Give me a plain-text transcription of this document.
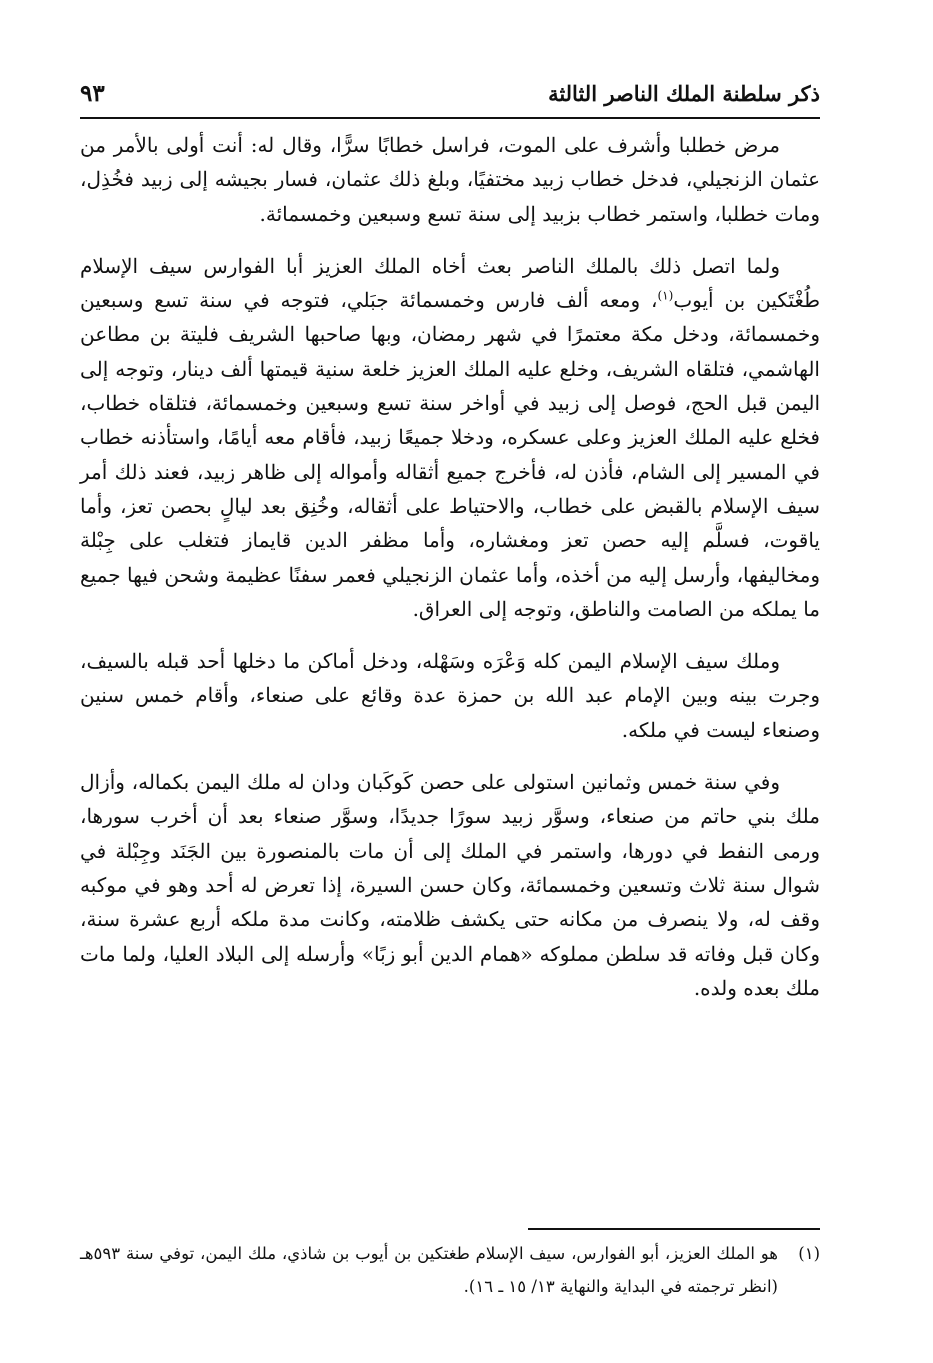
ذكر سلطنة الملك الناصر الثالثة
٩٣

مرض خطلبا وأشرف على الموت، فراسل خطابًا سرًّا، وقال له: أنت أولى بالأمر من عثمان الزنجيلي، فدخل خطاب زبيد مختفيًا، وبلغ ذلك عثمان، فسار بجيشه إلى زبيد فخُذِل، ومات خطلبا، واستمر خطاب بزبيد إلى سنة تسع وسبعين وخمسمائة.

ولما اتصل ذلك بالملك الناصر بعث أخاه الملك العزيز أبا الفوارس سيف الإسلام طُغْتَكين بن أيوب$^{(١)}$، ومعه ألف فارس وخمسمائة جبَلي، فتوجه في سنة تسع وسبعين وخمسمائة، ودخل مكة معتمرًا في شهر رمضان، وبها صاحبها الشريف فليتة بن مطاعن الهاشمي، فتلقاه الشريف، وخلع عليه الملك العزيز خلعة سنية قيمتها ألف دينار، وتوجه إلى اليمن قبل الحج، فوصل إلى زبيد في أواخر سنة تسع وسبعين وخمسمائة، فتلقاه خطاب، فخلع عليه الملك العزيز وعلى عسكره، ودخلا جميعًا زبيد، فأقام معه أيامًا، واستأذنه خطاب في المسير إلى الشام، فأذن له، فأخرج جميع أثقاله وأمواله إلى ظاهر زبيد، فعند ذلك أمر سيف الإسلام بالقبض على خطاب، والاحتياط على أثقاله، وخُنِق بعد ليالٍ بحصن تعز، وأما ياقوت، فسلَّم إليه حصن تعز ومغشاره، وأما مظفر الدين قايماز فتغلب على جِبْلة ومخاليفها، وأرسل إليه من أخذه، وأما عثمان الزنجيلي فعمر سفنًا عظيمة وشحن فيها جميع ما يملكه من الصامت والناطق، وتوجه إلى العراق.

وملك سيف الإسلام اليمن كله وَعْرَه وسَهْله، ودخل أماكن ما دخلها أحد قبله بالسيف، وجرت بينه وبين الإمام عبد الله بن حمزة عدة وقائع على صنعاء، وأقام خمس سنين وصنعاء ليست في ملكه.

وفي سنة خمس وثمانين استولى على حصن كَوكَبان ودان له ملك اليمن بكماله، وأزال ملك بني حاتم من صنعاء، وسوَّر زبيد سورًا جديدًا، وسوَّر صنعاء بعد أن أخرب سورها، ورمى النفط في دورها، واستمر في الملك إلى أن مات بالمنصورة بين الجَنَد وجِبْلة في شوال سنة ثلاث وتسعين وخمسمائة، وكان حسن السيرة، إذا تعرض له أحد وهو في موكبه وقف له، ولا ينصرف من مكانه حتى يكشف ظلامته، وكانت مدة ملكه أربع عشرة سنة، وكان قبل وفاته قد سلطن مملوكه «همام الدين أبو زبًا» وأرسله إلى البلاد العليا، ولما مات ملك بعده ولده.

(١)
هو الملك العزيز، أبو الفوارس، سيف الإسلام طغتكين بن أيوب بن شاذي، ملك اليمن، توفي سنة ٥٩٣هـ (انظر ترجمته في البداية والنهاية ١٣/ ١٥ ـ ١٦).
